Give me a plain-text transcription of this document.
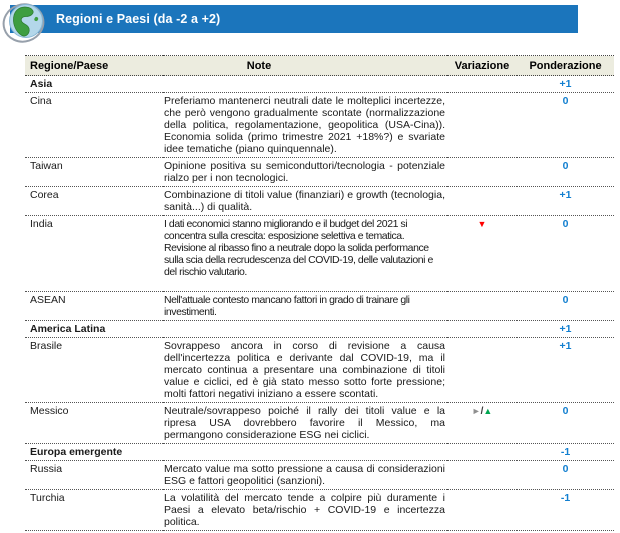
Regioni e Paesi (da -2 a +2)
Regione/Paese	Note	Variazione	Ponderazione
Asia			+1
Cina	Preferiamo mantenerci neutrali date le molteplici incertezze, che però vengono gradualmente scontate (normalizzazione della politica, regolamentazione, geopolitica (USA-Cina)). Economia solida (primo trimestre 2021 +18%?) e svariate idee tematiche (piano quinquennale).		0
Taiwan	Opinione positiva su semiconduttori/tecnologia - potenziale rialzo per i non tecnologici.		0
Corea	Combinazione di titoli value (finanziari) e growth (tecnologia, sanità...) di qualità.		+1
India	I dati economici stanno migliorando e il budget del 2021 si concentra sulla crescita: esposizione selettiva e tematica. Revisione al ribasso fino a neutrale dopo la solida performance sulla scia della recrudescenza del COVID-19, delle valutazioni e del rischio valutario.	▼	0
ASEAN	Nell'attuale contesto mancano fattori in grado di trainare gli investimenti.		0
America Latina			+1
Brasile	Sovrappeso ancora in corso di revisione a causa dell'incertezza politica e derivante dal COVID-19, ma il mercato continua a presentare una combinazione di titoli value e ciclici, ed è già stato messo sotto forte pressione; molti fattori negativi iniziano a essere scontati.		+1
Messico	Neutrale/sovrappeso poiché il rally dei titoli value e la ripresa USA dovrebbero favorire il Messico, ma permangono considerazione ESG nei ciclici.	►/▲	0
Europa emergente			-1
Russia	Mercato value ma sotto pressione a causa di considerazioni ESG e fattori geopolitici (sanzioni).		0
Turchia	La volatilità del mercato tende a colpire più duramente i Paesi a elevato beta/rischio + COVID-19 e incertezza politica.		-1
